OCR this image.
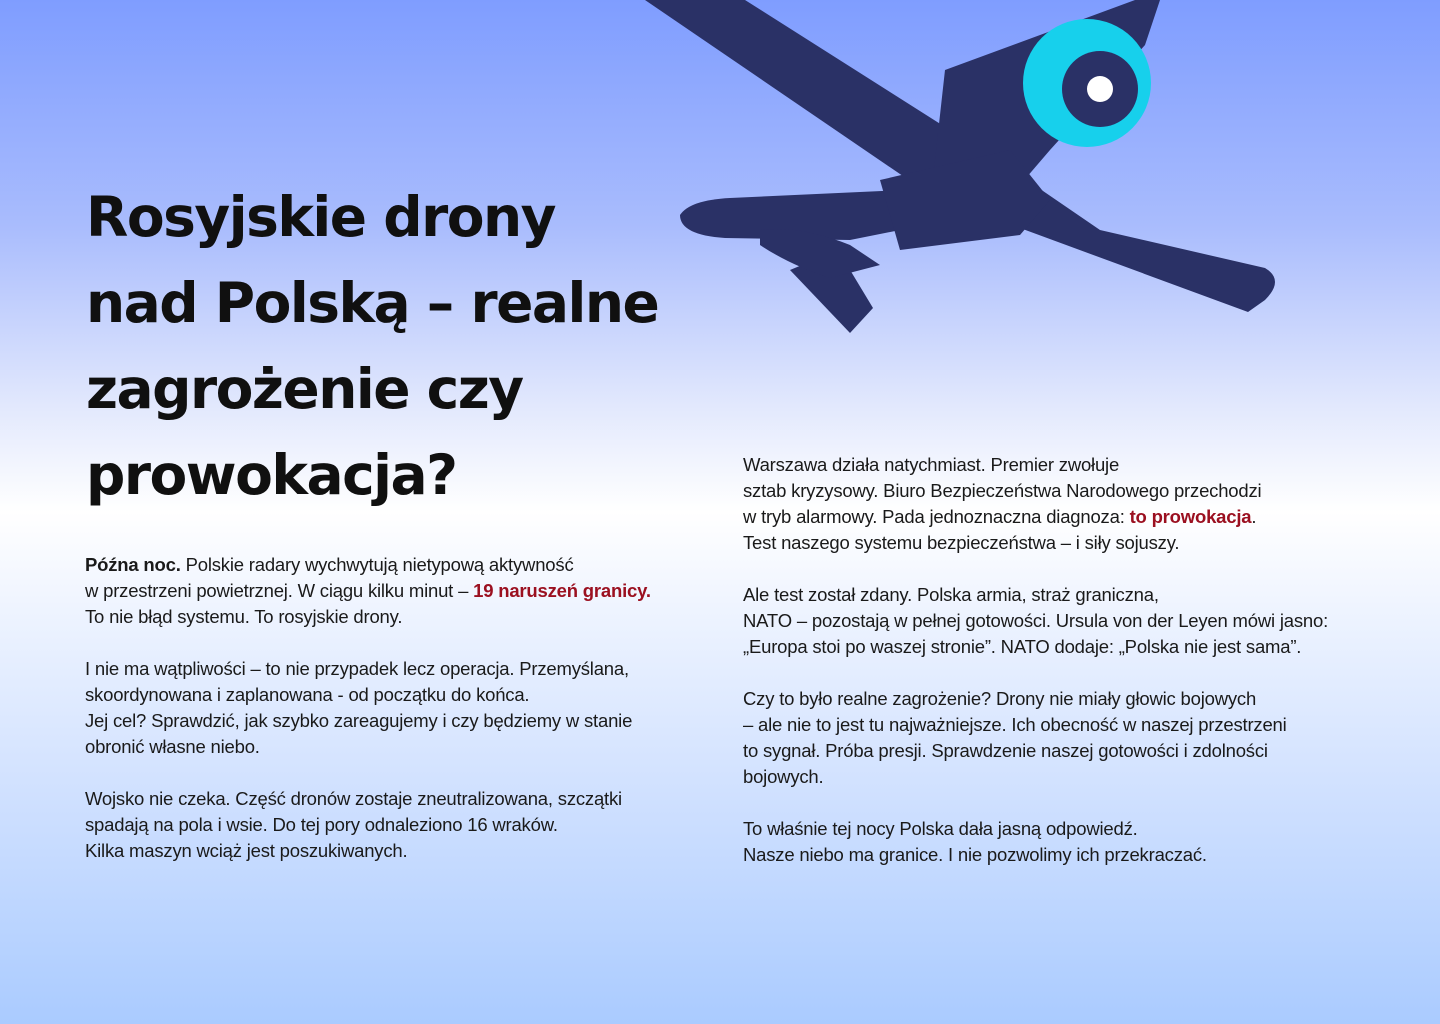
Rosyjskie drony
nad Polską – realne
zagrożenie czy
prowokacja?

Późna noc. Polskie radary wychwytują nietypową aktywność
w przestrzeni powietrznej. W ciągu kilku minut – 19 naruszeń granicy.
To nie błąd systemu. To rosyjskie drony.

I nie ma wątpliwości – to nie przypadek lecz operacja. Przemyślana,
skoordynowana i zaplanowana - od początku do końca.
Jej cel? Sprawdzić, jak szybko zareagujemy i czy będziemy w stanie
obronić własne niebo.

Wojsko nie czeka. Część dronów zostaje zneutralizowana, szczątki
spadają na pola i wsie. Do tej pory odnaleziono 16 wraków.
Kilka maszyn wciąż jest poszukiwanych.

Warszawa działa natychmiast. Premier zwołuje
sztab kryzysowy. Biuro Bezpieczeństwa Narodowego przechodzi
w tryb alarmowy. Pada jednoznaczna diagnoza: to prowokacja.
Test naszego systemu bezpieczeństwa – i siły sojuszy.

Ale test został zdany. Polska armia, straż graniczna,
NATO – pozostają w pełnej gotowości. Ursula von der Leyen mówi jasno:
„Europa stoi po waszej stronie”. NATO dodaje: „Polska nie jest sama”.

Czy to było realne zagrożenie? Drony nie miały głowic bojowych
– ale nie to jest tu najważniejsze. Ich obecność w naszej przestrzeni
to sygnał. Próba presji. Sprawdzenie naszej gotowości i zdolności
bojowych.

To właśnie tej nocy Polska dała jasną odpowiedź.
Nasze niebo ma granice. I nie pozwolimy ich przekraczać.
